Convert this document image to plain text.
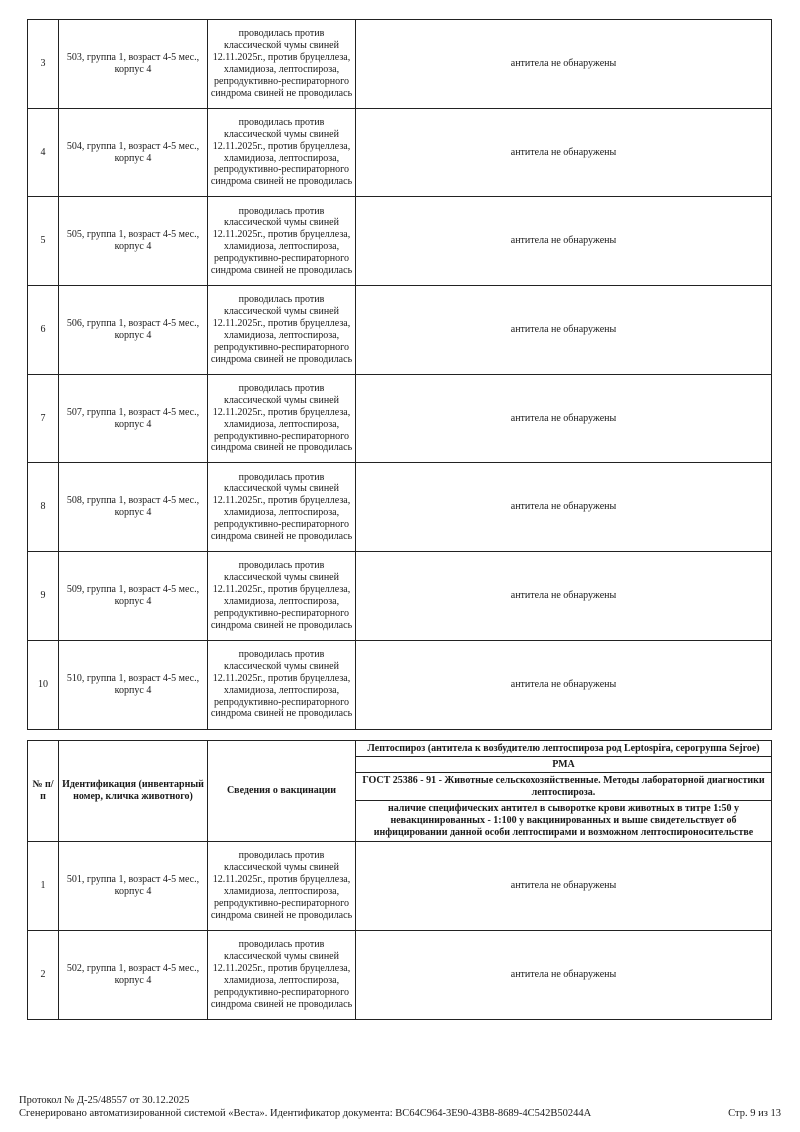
3	503, группа 1, возраст 4-5 мес., корпус 4	проводилась против классической чумы свиней 12.11.2025г., против бруцеллеза, хламидиоза, лептоспироза, репродуктивно-респираторного синдрома свиней не проводилась	антитела не обнаружены
4	504, группа 1, возраст 4-5 мес., корпус 4	проводилась против классической чумы свиней 12.11.2025г., против бруцеллеза, хламидиоза, лептоспироза, репродуктивно-респираторного синдрома свиней не проводилась	антитела не обнаружены
5	505, группа 1, возраст 4-5 мес., корпус 4	проводилась против классической чумы свиней 12.11.2025г., против бруцеллеза, хламидиоза, лептоспироза, репродуктивно-респираторного синдрома свиней не проводилась	антитела не обнаружены
6	506, группа 1, возраст 4-5 мес., корпус 4	проводилась против классической чумы свиней 12.11.2025г., против бруцеллеза, хламидиоза, лептоспироза, репродуктивно-респираторного синдрома свиней не проводилась	антитела не обнаружены
7	507, группа 1, возраст 4-5 мес., корпус 4	проводилась против классической чумы свиней 12.11.2025г., против бруцеллеза, хламидиоза, лептоспироза, репродуктивно-респираторного синдрома свиней не проводилась	антитела не обнаружены
8	508, группа 1, возраст 4-5 мес., корпус 4	проводилась против классической чумы свиней 12.11.2025г., против бруцеллеза, хламидиоза, лептоспироза, репродуктивно-респираторного синдрома свиней не проводилась	антитела не обнаружены
9	509, группа 1, возраст 4-5 мес., корпус 4	проводилась против классической чумы свиней 12.11.2025г., против бруцеллеза, хламидиоза, лептоспироза, репродуктивно-респираторного синдрома свиней не проводилась	антитела не обнаружены
10	510, группа 1, возраст 4-5 мес., корпус 4	проводилась против классической чумы свиней 12.11.2025г., против бруцеллеза, хламидиоза, лептоспироза, репродуктивно-респираторного синдрома свиней не проводилась	антитела не обнаружены
№ п/п	Идентификация (инвентарный номер, кличка животного)	Сведения о вакцинации	Лептоспироз (антитела к возбудителю лептоспироза род Leptospira, серогруппа Sejroe)
			РМА
			ГОСТ 25386 - 91 - Животные сельскохозяйственные. Методы лабораторной диагностики лептоспироза.
			наличие специфических антител в сыворотке крови животных в титре 1:50 у невакцинированных - 1:100 у вакцинированных и выше свидетельствует об инфицировании данной особи лептоспирами и возможном лептоспироносительстве
1	501, группа 1, возраст 4-5 мес., корпус 4	проводилась против классической чумы свиней 12.11.2025г., против бруцеллеза, хламидиоза, лептоспироза, репродуктивно-респираторного синдрома свиней не проводилась	антитела не обнаружены
2	502, группа 1, возраст 4-5 мес., корпус 4	проводилась против классической чумы свиней 12.11.2025г., против бруцеллеза, хламидиоза, лептоспироза, репродуктивно-респираторного синдрома свиней не проводилась	антитела не обнаружены
Протокол № Д-25/48557 от 30.12.2025
Сгенерировано автоматизированной системой «Веста». Идентификатор документа: BC64C964-3E90-43B8-8689-4C542B50244A	Стр. 9 из 13
